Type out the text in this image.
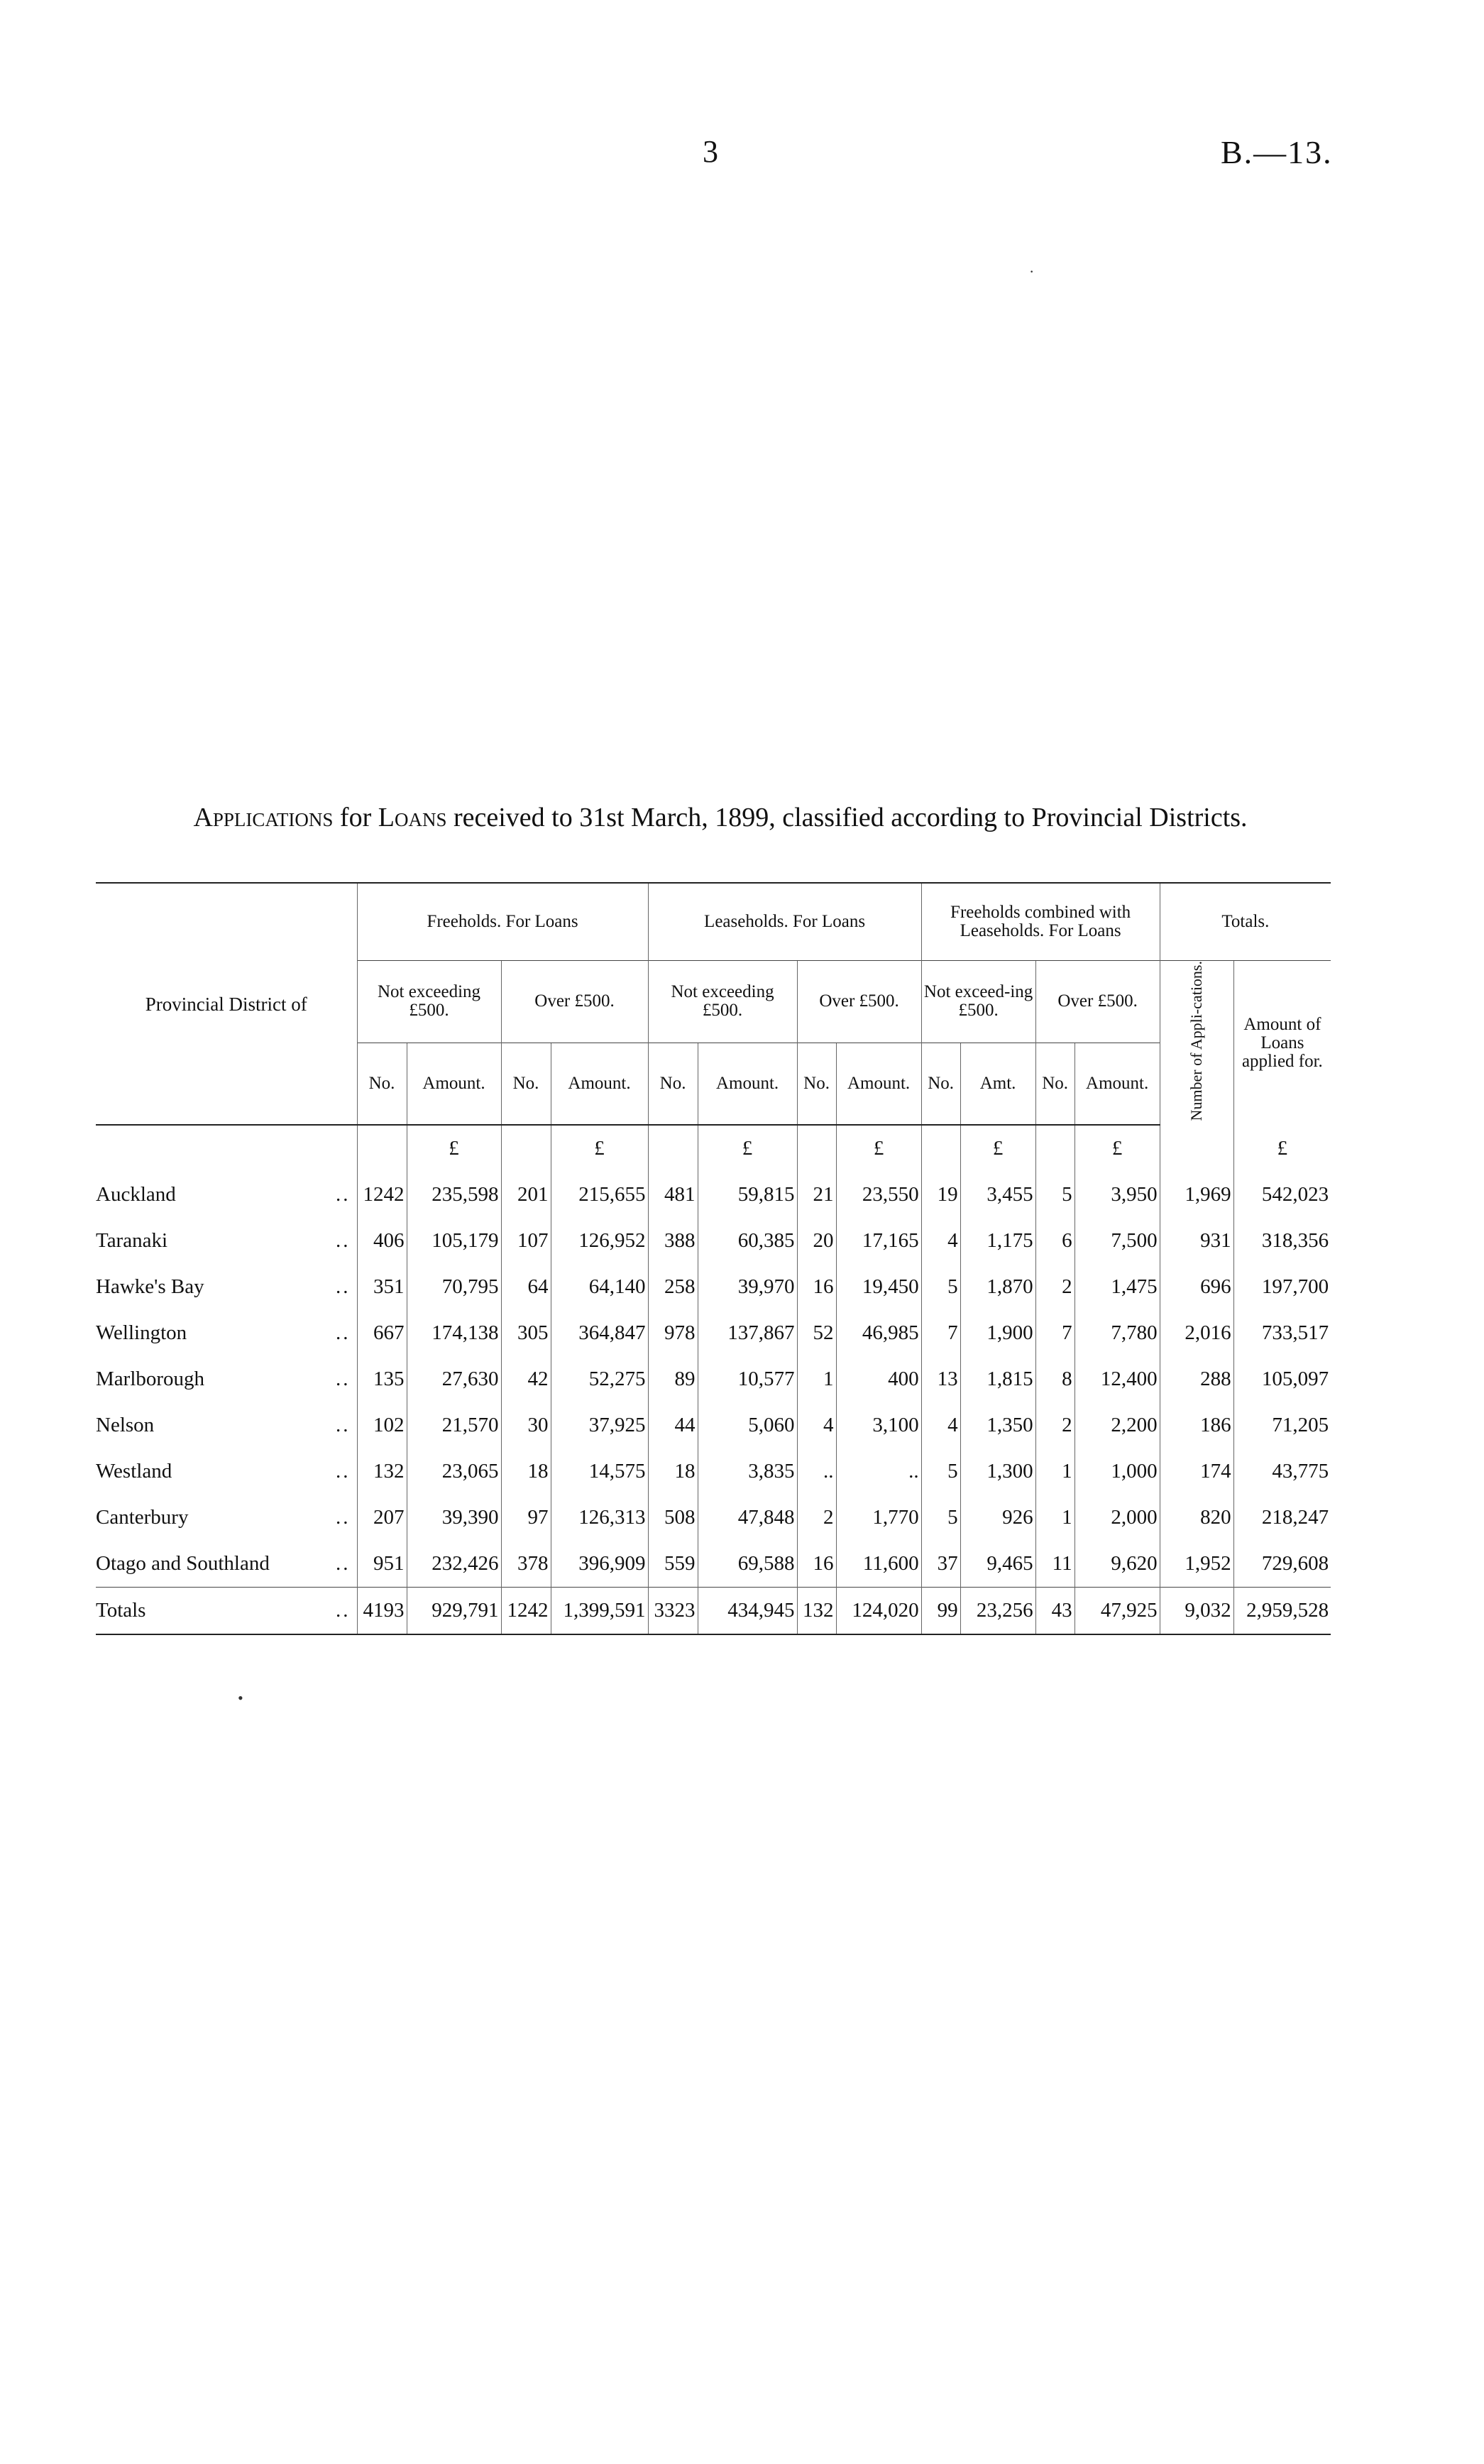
3	B.—13.
Applications for Loans received to 31st March, 1899, classified according to Provincial Districts.
·
•
Provincial District of	Freeholds. For Loans				Leaseholds. For Loans				Freeholds combined with Leaseholds. For Loans				Totals.	
	Not exceeding £500.		Over £500.		Not exceeding £500.		Over £500.		Not exceed-ing £500.		Over £500.		Number of Appli-cations.	Amount of Loans applied for.
	No.	Amount.	No.	Amount.	No.	Amount.	No.	Amount.	No.	Amt.	No.	Amount.		
		£		£		£		£		£		£		£
Auckland ..	1242	235,598	201	215,655	481	59,815	21	23,550	19	3,455	5	3,950	1,969	542,023
Taranaki ..	406	105,179	107	126,952	388	60,385	20	17,165	4	1,175	6	7,500	931	318,356
Hawke's Bay ..	351	70,795	64	64,140	258	39,970	16	19,450	5	1,870	2	1,475	696	197,700
Wellington ..	667	174,138	305	364,847	978	137,867	52	46,985	7	1,900	7	7,780	2,016	733,517
Marlborough ..	135	27,630	42	52,275	89	10,577	1	400	13	1,815	8	12,400	288	105,097
Nelson ..	102	21,570	30	37,925	44	5,060	4	3,100	4	1,350	2	2,200	186	71,205
Westland ..	132	23,065	18	14,575	18	3,835	..	..	5	1,300	1	1,000	174	43,775
Canterbury ..	207	39,390	97	126,313	508	47,848	2	1,770	5	926	1	2,000	820	218,247
Otago and Southland ..	951	232,426	378	396,909	559	69,588	16	11,600	37	9,465	11	9,620	1,952	729,608
Totals ..	4193	929,791	1242	1,399,591	3323	434,945	132	124,020	99	23,256	43	47,925	9,032	2,959,528
